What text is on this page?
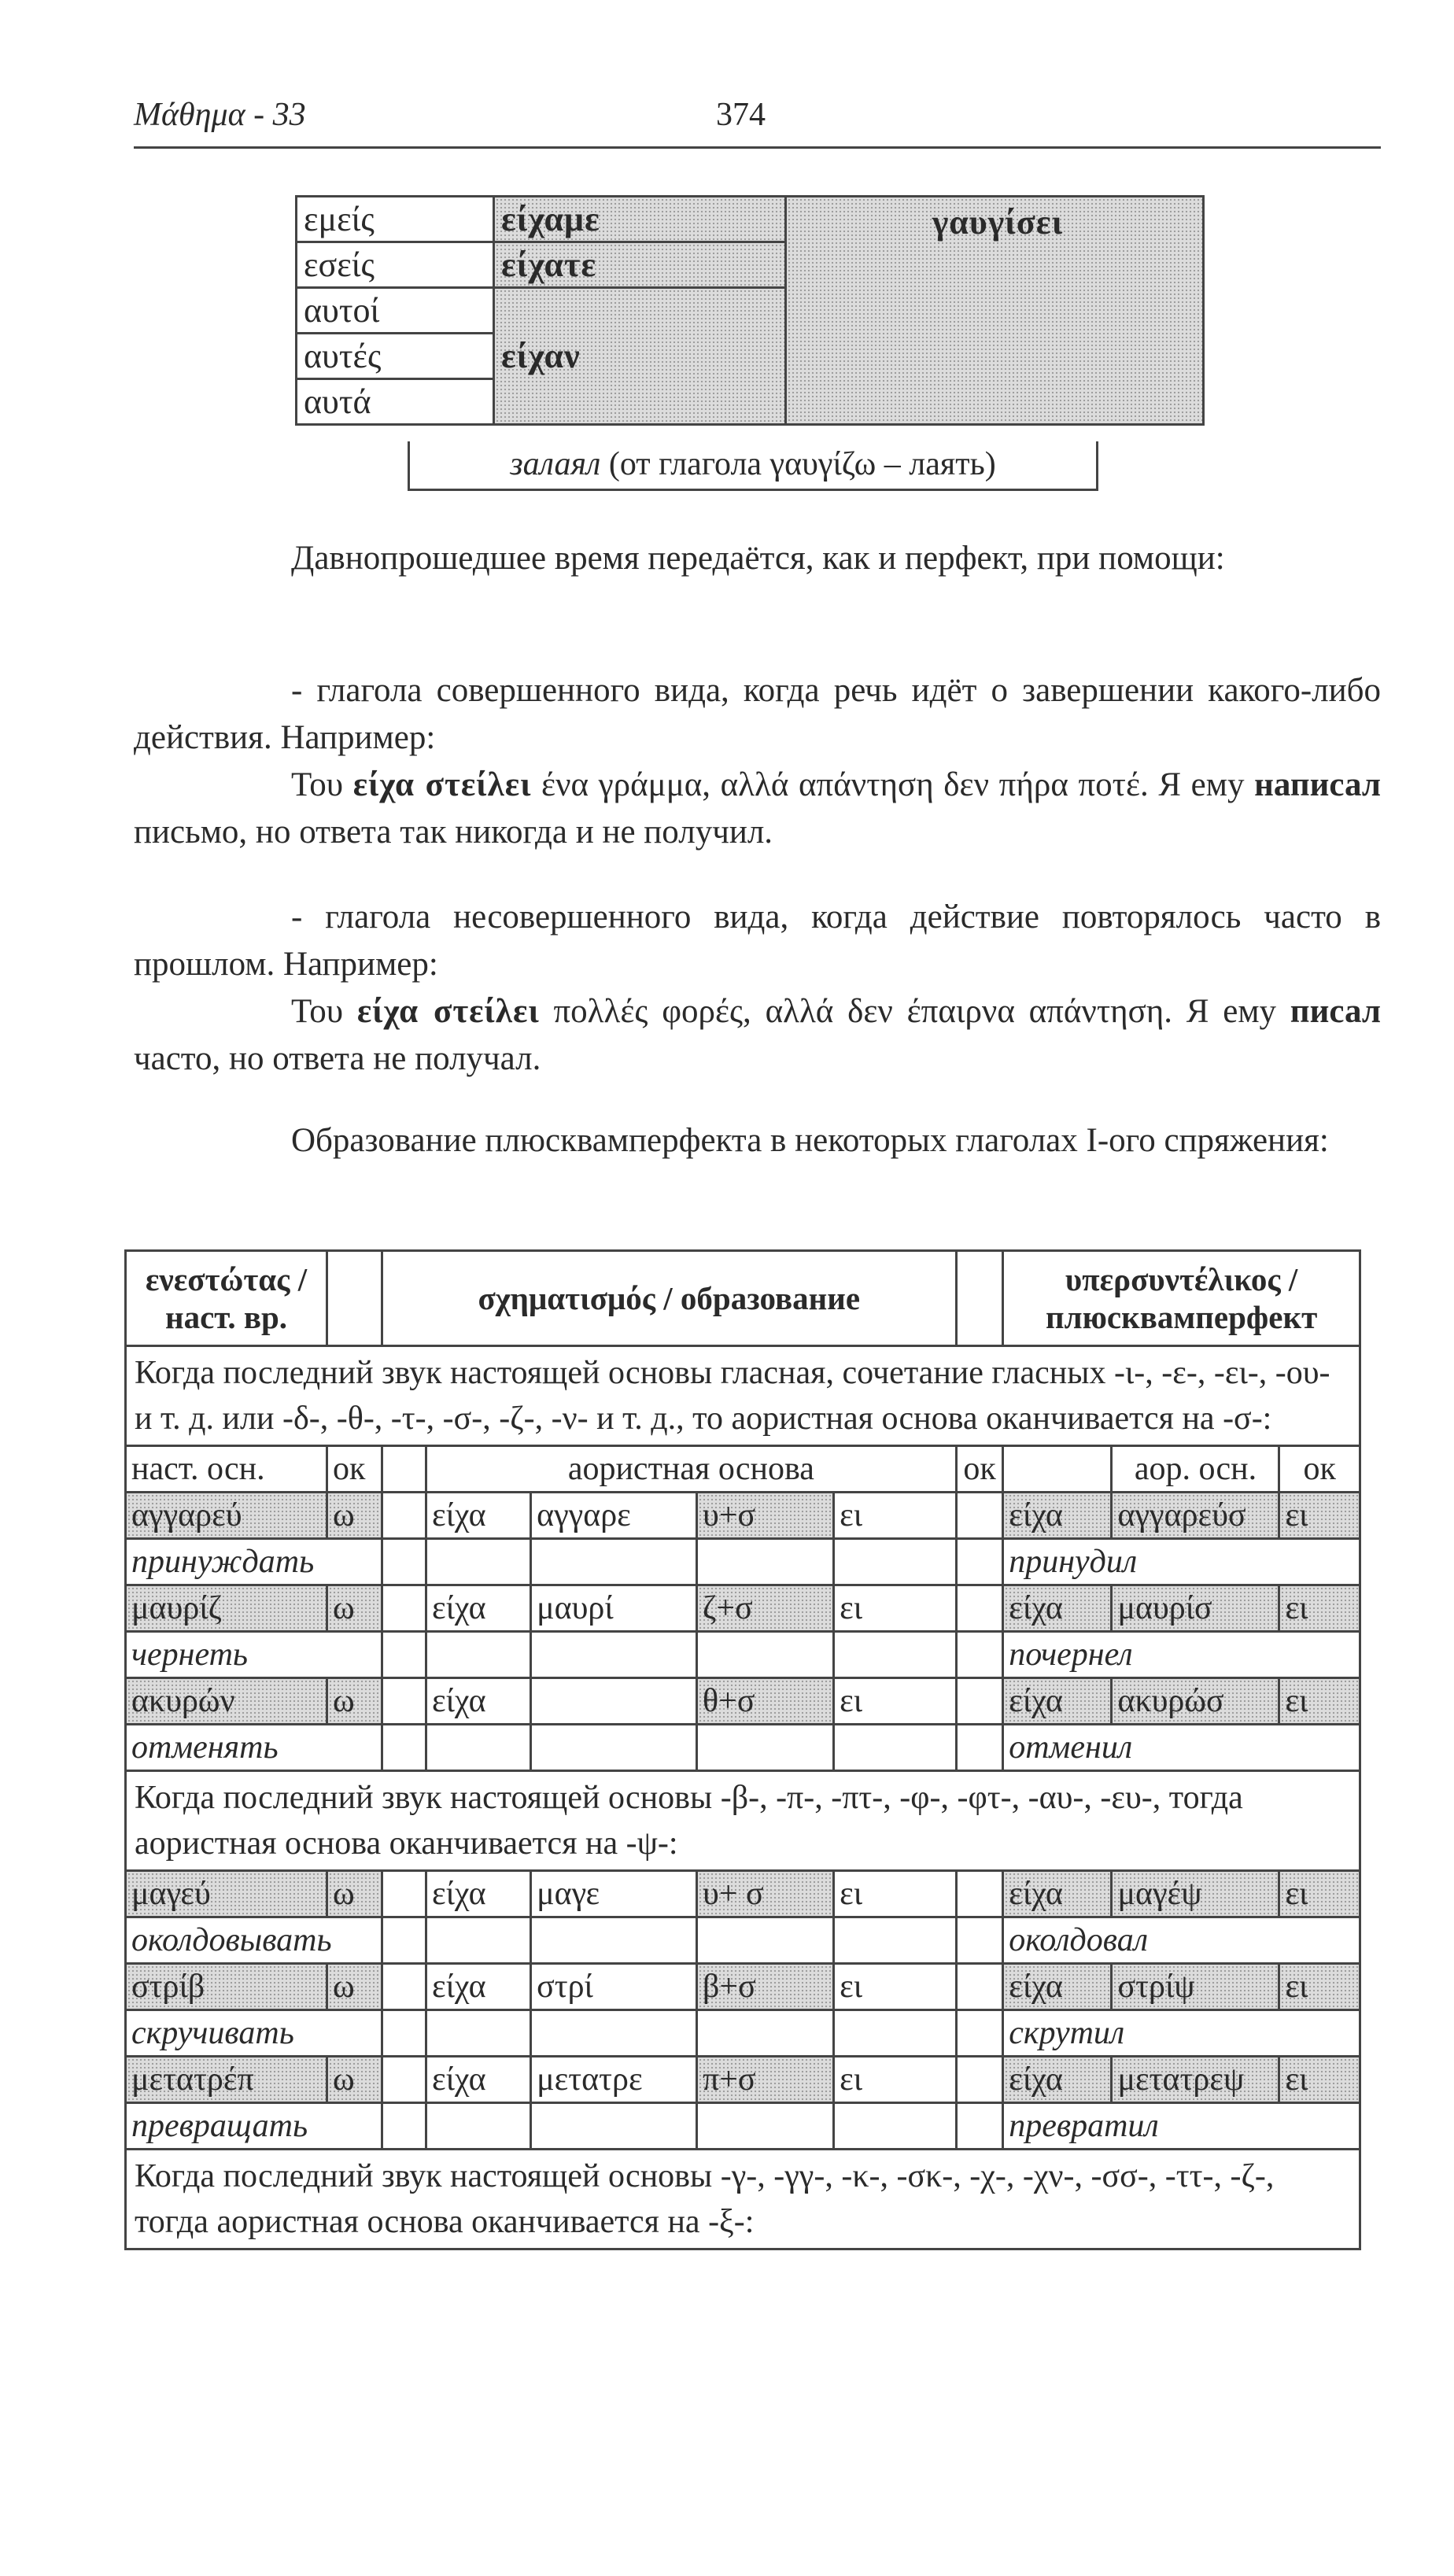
Μάθημα - 33	374
εμείς	είχαμε	γαυγίσει
εσείς	είχατε	
αυτοί	είχαν	
αυτές		
αυτά		
залаял (от глагола γαυγίζω – лаять)

Давнопрошедшее время передаётся, как и перфект, при помощи:

- глагола совершенного вида, когда речь идёт о завершении какого-либо действия. Например:

Του είχα στείλει ένα γράμμα, αλλά απάντηση δεν πήρα ποτέ. Я ему написал письмо, но ответа так никогда и не получил.

- глагола несовершенного вида, когда действие повторялось часто в прошлом. Например:

Του είχα στείλει πολλές φορές, αλλά δεν έπαιρνα απάντηση. Я ему писал часто, но ответа не получал.

Образование плюсквамперфекта в некоторых глаголах I-ого спряжения:

ενεστώτας / наст. вр.		σχηματισμός / образование						υπερσυντέλικος / плюсквамперфект		
Когда последний звук настоящей основы гласная, сочетание гласных -ι-, -ε-, -ει-, -ου- и т. д. или -δ-, -θ-, -τ-, -σ-, -ζ-, -ν- и т. д., то аористная основа оканчивается на -σ-:										
наст. осн.	ок		аористная основа				ок		аор. осн.	ок
αγγαρεύ	ω		είχα	αγγαρε	υ+σ	ει		είχα	αγγαρεύσ	ει
принуждать								принудил		
μαυρίζ	ω		είχα	μαυρί	ζ+σ	ει		είχα	μαυρίσ	ει
чернеть								почернел		
ακυρών	ω		είχα		θ+σ	ει		είχα	ακυρώσ	ει
отменять								отменил		
Когда последний звук настоящей основы -β-, -π-, -πτ-, -φ-, -φτ-, -αυ-, -ευ-, тогда аористная основа оканчивается на -ψ-:										
μαγεύ	ω		είχα	μαγε	υ+ σ	ει		είχα	μαγέψ	ει
околдовывать								околдовал		
στρίβ	ω		είχα	στρί	β+σ	ει		είχα	στρίψ	ει
скручивать								скрутил		
μετατρέπ	ω		είχα	μετατρε	π+σ	ει		είχα	μετατρεψ	ει
превращать								превратил		
Когда последний звук настоящей основы -γ-, -γγ-, -κ-, -σκ-, -χ-, -χν-, -σσ-, -ττ-, -ζ-, тогда аористная основа оканчивается на -ξ-:										
